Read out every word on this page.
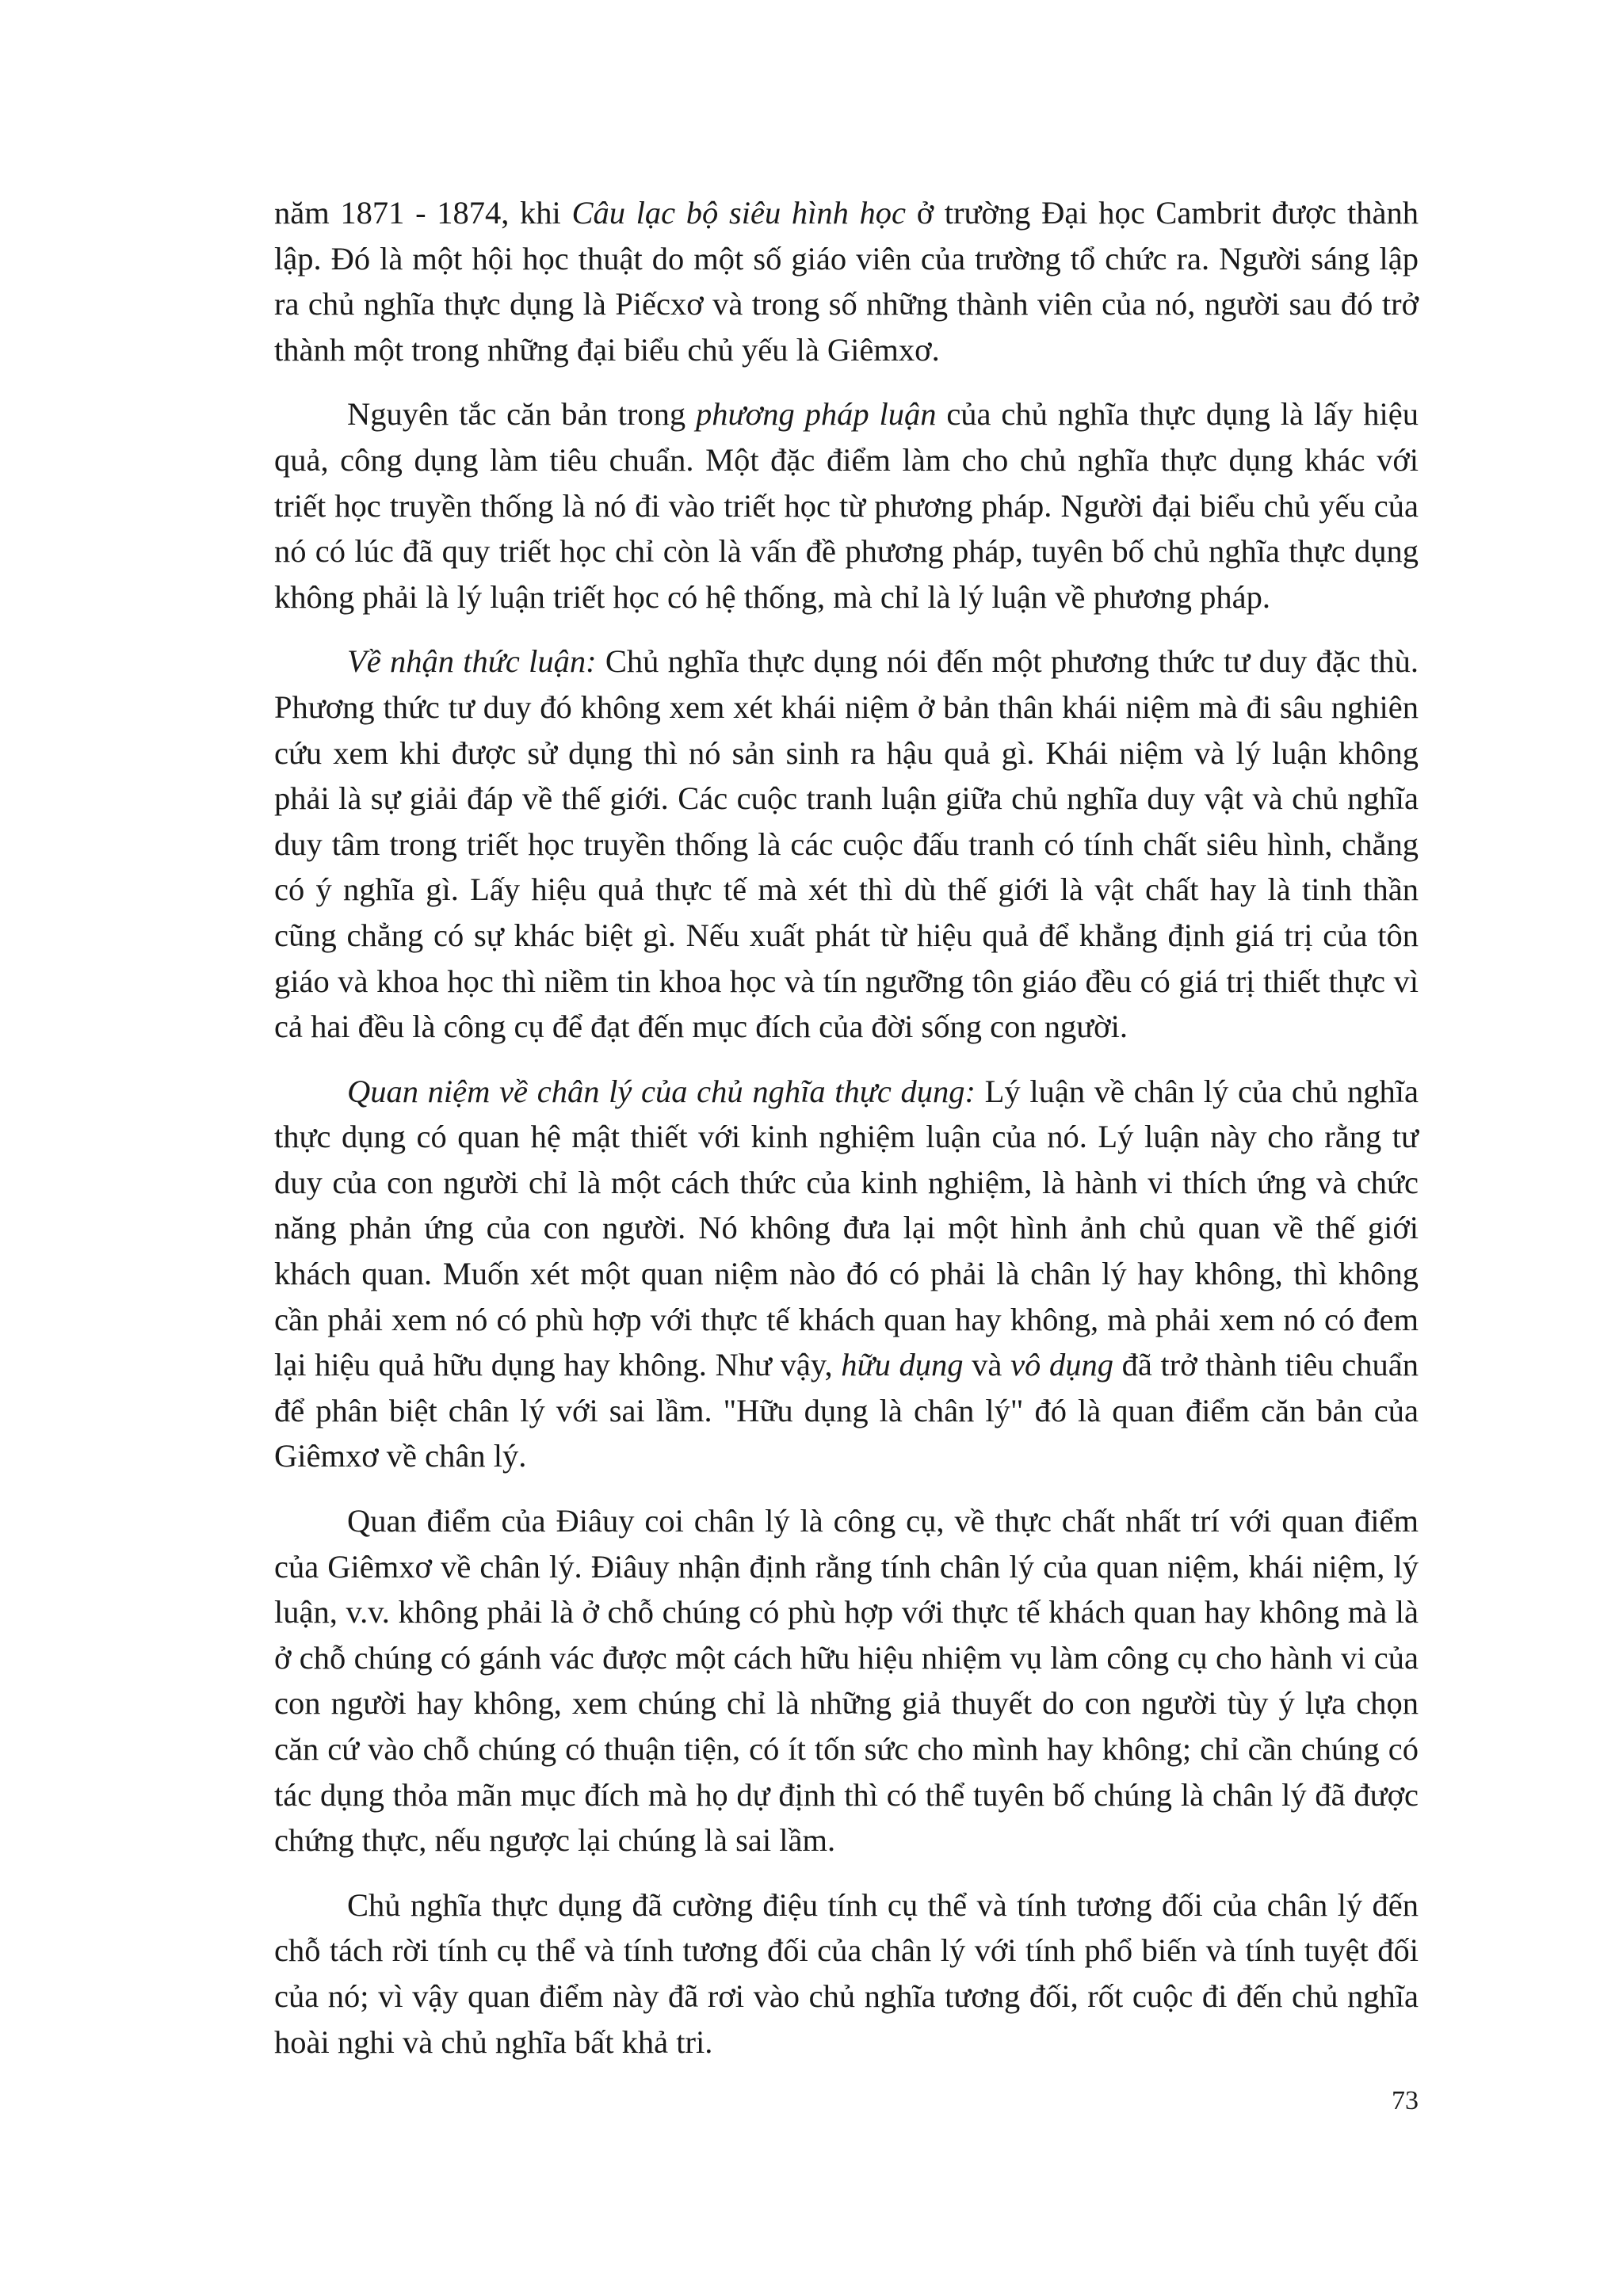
năm 1871 - 1874, khi Câu lạc bộ siêu hình học ở trường Đại học Cambrit được thành lập. Đó là một hội học thuật do một số giáo viên của trường tổ chức ra. Người sáng lập ra chủ nghĩa thực dụng là Piếcxơ và trong số những thành viên của nó, người sau đó trở thành một trong những đại biểu chủ yếu là Giêmxơ.

Nguyên tắc căn bản trong phương pháp luận của chủ nghĩa thực dụng là lấy hiệu quả, công dụng làm tiêu chuẩn. Một đặc điểm làm cho chủ nghĩa thực dụng khác với triết học truyền thống là nó đi vào triết học từ phương pháp. Người đại biểu chủ yếu của nó có lúc đã quy triết học chỉ còn là vấn đề phương pháp, tuyên bố chủ nghĩa thực dụng không phải là lý luận triết học có hệ thống, mà chỉ là lý luận về phương pháp.

Về nhận thức luận: Chủ nghĩa thực dụng nói đến một phương thức tư duy đặc thù. Phương thức tư duy đó không xem xét khái niệm ở bản thân khái niệm mà đi sâu nghiên cứu xem khi được sử dụng thì nó sản sinh ra hậu quả gì. Khái niệm và lý luận không phải là sự giải đáp về thế giới. Các cuộc tranh luận giữa chủ nghĩa duy vật và chủ nghĩa duy tâm trong triết học truyền thống là các cuộc đấu tranh có tính chất siêu hình, chẳng có ý nghĩa gì. Lấy hiệu quả thực tế mà xét thì dù thế giới là vật chất hay là tinh thần cũng chẳng có sự khác biệt gì. Nếu xuất phát từ hiệu quả để khẳng định giá trị của tôn giáo và khoa học thì niềm tin khoa học và tín ngưỡng tôn giáo đều có giá trị thiết thực vì cả hai đều là công cụ để đạt đến mục đích của đời sống con người.

Quan niệm về chân lý của chủ nghĩa thực dụng: Lý luận về chân lý của chủ nghĩa thực dụng có quan hệ mật thiết với kinh nghiệm luận của nó. Lý luận này cho rằng tư duy của con người chỉ là một cách thức của kinh nghiệm, là hành vi thích ứng và chức năng phản ứng của con người. Nó không đưa lại một hình ảnh chủ quan về thế giới khách quan. Muốn xét một quan niệm nào đó có phải là chân lý hay không, thì không cần phải xem nó có phù hợp với thực tế khách quan hay không, mà phải xem nó có đem lại hiệu quả hữu dụng hay không. Như vậy, hữu dụng và vô dụng đã trở thành tiêu chuẩn để phân biệt chân lý với sai lầm. "Hữu dụng là chân lý" đó là quan điểm căn bản của Giêmxơ về chân lý.

Quan điểm của Điâuy coi chân lý là công cụ, về thực chất nhất trí với quan điểm của Giêmxơ về chân lý. Điâuy nhận định rằng tính chân lý của quan niệm, khái niệm, lý luận, v.v. không phải là ở chỗ chúng có phù hợp với thực tế khách quan hay không mà là ở chỗ chúng có gánh vác được một cách hữu hiệu nhiệm vụ làm công cụ cho hành vi của con người hay không, xem chúng chỉ là những giả thuyết do con người tùy ý lựa chọn căn cứ vào chỗ chúng có thuận tiện, có ít tốn sức cho mình hay không; chỉ cần chúng có tác dụng thỏa mãn mục đích mà họ dự định thì có thể tuyên bố chúng là chân lý đã được chứng thực, nếu ngược lại chúng là sai lầm.

Chủ nghĩa thực dụng đã cường điệu tính cụ thể và tính tương đối của chân lý đến chỗ tách rời tính cụ thể và tính tương đối của chân lý với tính phổ biến và tính tuyệt đối của nó; vì vậy quan điểm này đã rơi vào chủ nghĩa tương đối, rốt cuộc đi đến chủ nghĩa hoài nghi và chủ nghĩa bất khả tri.

73
